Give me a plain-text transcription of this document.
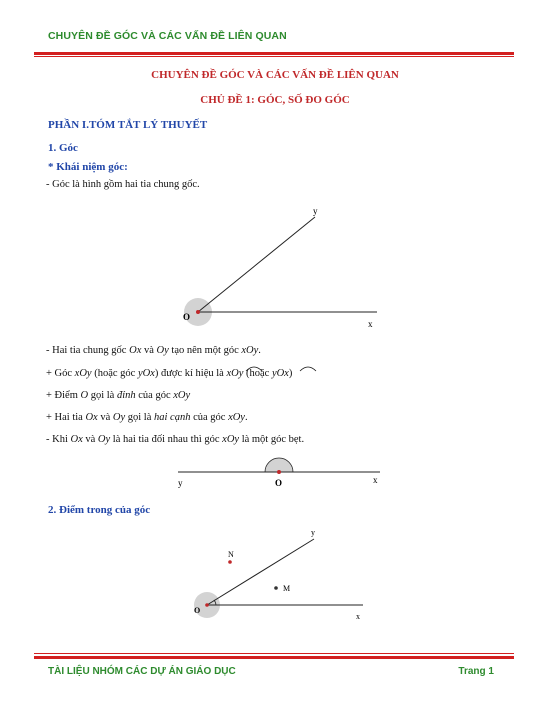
CHUYÊN ĐỀ GÓC VÀ CÁC VẤN ĐỀ LIÊN QUAN
CHUYÊN ĐỀ GÓC VÀ CÁC VẤN ĐỀ LIÊN QUAN
CHỦ ĐỀ 1: GÓC, SỐ ĐO GÓC
PHẦN I.TÓM TẮT LÝ THUYẾT
1. Góc
* Khái niệm góc:
- Góc là hình gồm hai tia chung gốc.
O
x
y
- Hai tia chung gốc Ox và Oy tạo nên một góc xOy.
+ Góc xOy (hoặc góc yOx) được kí hiệu là xOy (hoặc yOx)
+ Điểm O gọi là đỉnh của góc xOy
+ Hai tia Ox và Oy gọi là hai cạnh của góc xOy.
- Khi Ox và Oy là hai tia đối nhau thì góc xOy là một góc bẹt.
y	O	x
2. Điểm trong của góc
N
M
O
x
y
TÀI LIỆU NHÓM CÁC DỰ ÁN GIÁO DỤC	Trang 1
